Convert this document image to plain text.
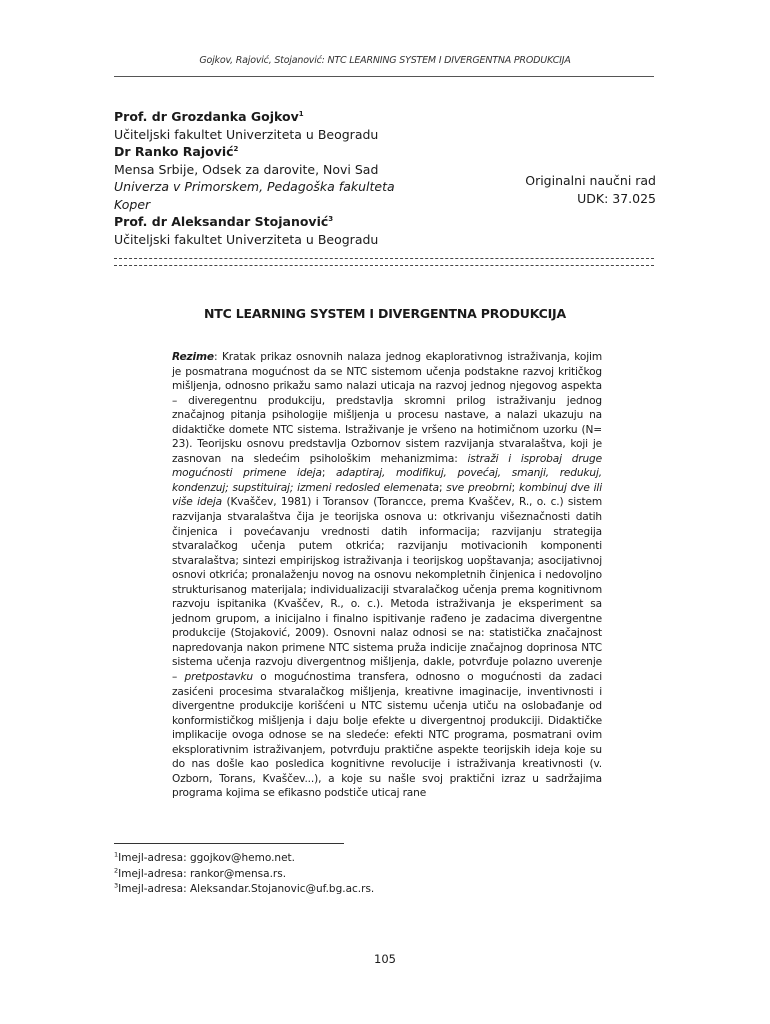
Gojkov, Rajović, Stojanović: NTC LEARNING SYSTEM I DIVERGENTNA PRODUKCIJA
Prof. dr Grozdanka Gojkov$^1$
Učiteljski fakultet Univerziteta u Beogradu
Dr Ranko Rajović$^2$
Mensa Srbije, Odsek za darovite, Novi Sad
Univerza v Primorskem, Pedagoška fakulteta Koper
Prof. dr Aleksandar Stojanović$^3$
Učiteljski fakultet Univerziteta u Beogradu
Originalni naučni rad
UDK: 37.025
NTC LEARNING SYSTEM I DIVERGENTNA PRODUKCIJA
Rezime: Kratak prikaz osnovnih nalaza jednog ekaplorativnog istraživanja, kojim je posmatrana mogućnost da se NTC sistemom učenja podstakne razvoj kritičkog mišljenja, odnosno prikažu samo nalazi uticaja na razvoj jednog njegovog aspekta – diveregentnu produkciju, predstavlja skromni prilog istraživanju jednog značajnog pitanja psihologije mišljenja u procesu nastave, a nalazi ukazuju na didaktičke domete NTC sistema. Istraživanje je vršeno na hotimičnom uzorku (N= 23). Teorijsku osnovu predstavlja Ozbornov sistem razvijanja stvaralaštva, koji je zasnovan na sledećim psihološkim mehanizmima: istraži i isprobaj druge mogućnosti primene ideja; adaptiraj, modifikuj, povećaj, smanji, redukuj, kondenzuj; supstituiraj; izmeni redosled elemenata; sve preobrni; kombinuj dve ili više ideja (Kvaščev, 1981) i Toransov (Torancce, prema Kvaščev, R., o. c.) sistem razvijanja stvaralaštva čija je teorijska osnova u: otkrivanju višeznačnosti datih činjenica i povećavanju vrednosti datih informacija; razvijanju strategija stvaralačkog učenja putem otkrića; razvijanju motivacionih komponenti stvaralaštva; sintezi empirijskog istraživanja i teorijskog uopštavanja; asocijativnoj osnovi otkrića; pronalaženju novog na osnovu nekompletnih činjenica i nedovoljno strukturisanog materijala; individualizaciji stvaralačkog učenja prema kognitivnom razvoju ispitanika (Kvaščev, R., o. c.). Metoda istraživanja je eksperiment sa jednom grupom, a inicijalno i finalno ispitivanje rađeno je zadacima divergentne produkcije (Stojaković, 2009). Osnovni nalaz odnosi se na: statistička značajnost napredovanja nakon primene NTC sistema pruža indicije značajnog doprinosa NTC sistema učenja razvoju divergentnog mišljenja, dakle, potvrđuje polazno uverenje – pretpostavku o mogućnostima transfera, odnosno o mogućnosti da zadaci zasićeni procesima stvaralačkog mišljenja, kreativne imaginacije, inventivnosti i divergentne produkcije korišćeni u NTC sistemu učenja utiču na oslobađanje od konformističkog mišljenja i daju bolje efekte u divergentnoj produkciji. Didaktičke implikacije ovoga odnose se na sledeće: efekti NTC programa, posmatrani ovim eksplorativnim istraživanjem, potvrđuju praktične aspekte teorijskih ideja koje su do nas došle kao posledica kognitivne revolucije i istraživanja kreativnosti (v. Ozborn, Torans, Kvaščev...), a koje su našle svoj praktični izraz u sadržajima programa kojima se efikasno podstiče uticaj rane
$^1$Imejl-adresa: ggojkov@hemo.net.
$^2$Imejl-adresa: rankor@mensa.rs.
$^3$Imejl-adresa: Aleksandar.Stojanovic@uf.bg.ac.rs.
105
